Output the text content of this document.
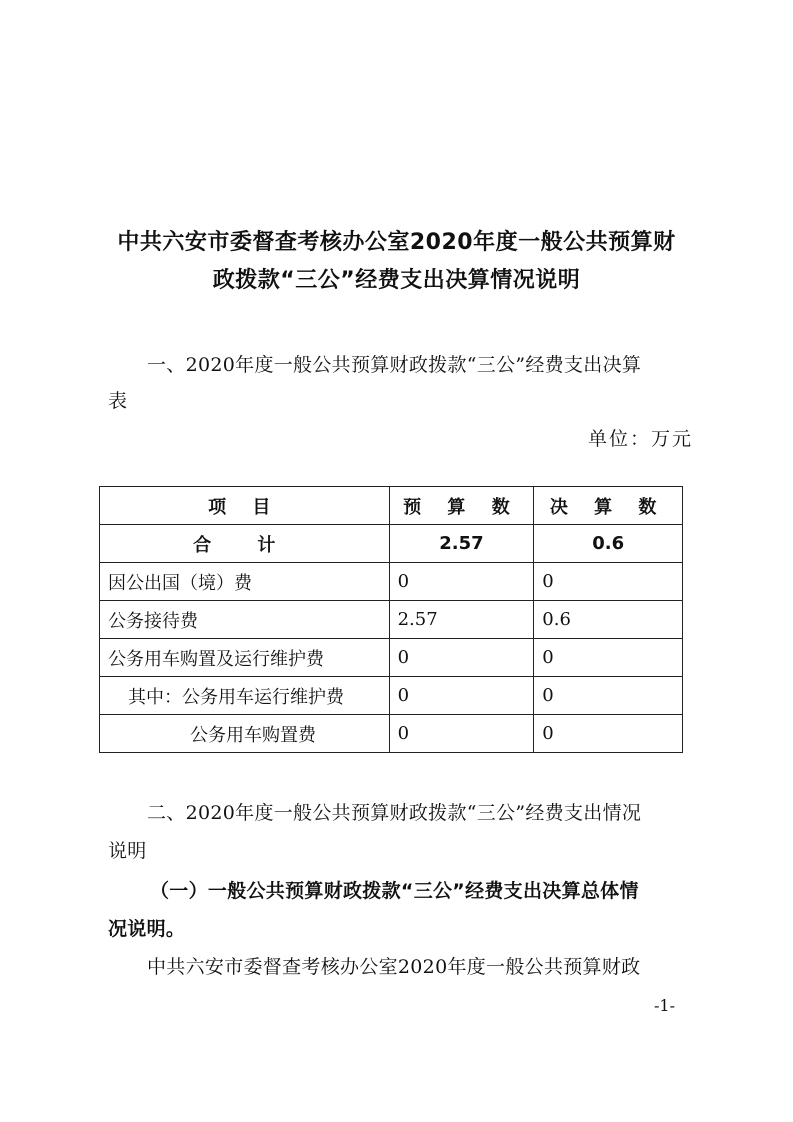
中共六安市委督查考核办公室2020年度一般公共预算财
政拨款“三公”经费支出决算情况说明
一、2020年度一般公共预算财政拨款“三公”经费支出决算
表
单位：万元
项 目	预 算 数	决 算 数
合 计	2.57	0.6
因公出国（境）费	0	0
公务接待费	2.57	0.6
公务用车购置及运行维护费	0	0
其中：公务用车运行维护费	0	0
公务用车购置费	0	0
二、2020年度一般公共预算财政拨款“三公”经费支出情况
说明
（一）一般公共预算财政拨款“三公”经费支出决算总体情
况说明。
中共六安市委督查考核办公室2020年度一般公共预算财政
-1-
